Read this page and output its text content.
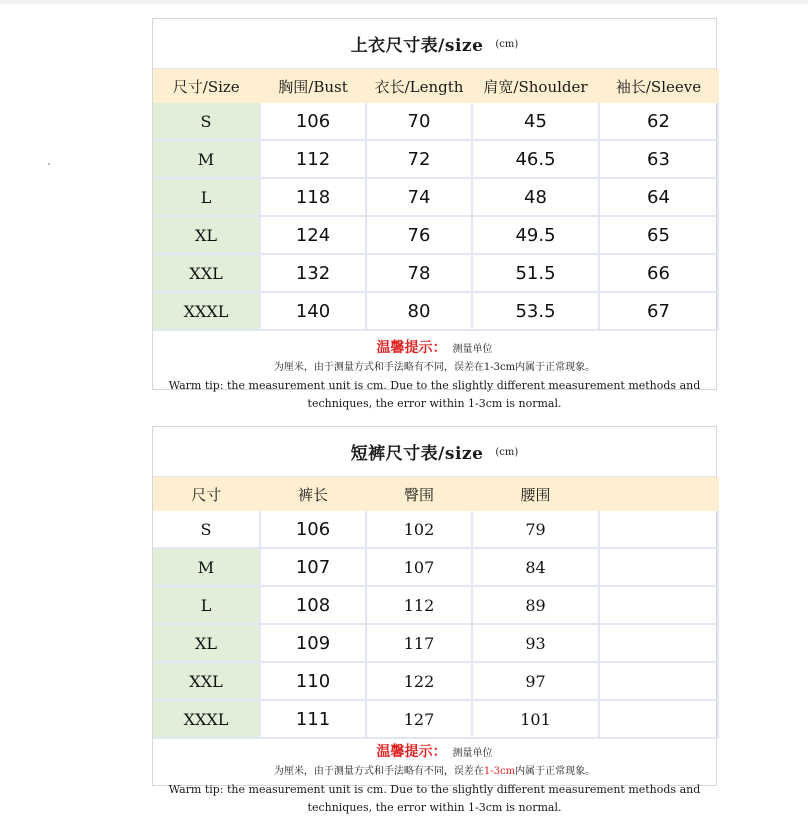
上衣尺寸表/size (cm)
尺寸/Size	胸围/Bust	衣长/Length	肩宽/Shoulder	袖长/Sleeve
S	106	70	45	62
M	112	72	46.5	63
L	118	74	48	64
XL	124	76	49.5	65
XXL	132	78	51.5	66
XXXL	140	80	53.5	67
温馨提示： 测量单位
为厘米，由于测量方式和手法略有不同，误差在1-3cm内属于正常现象。
Warm tip: the measurement unit is cm. Due to the slightly different measurement methods and
techniques, the error within 1-3cm is normal.
短裤尺寸表/size (cm)
尺寸	裤长	臀围	腰围	
S	106	102	79	
M	107	107	84	
L	108	112	89	
XL	109	117	93	
XXL	110	122	97	
XXXL	111	127	101	
温馨提示： 测量单位
为厘米，由于测量方式和手法略有不同，误差在1-3cm内属于正常现象。
Warm tip: the measurement unit is cm. Due to the slightly different measurement methods and
techniques, the error within 1-3cm is normal.
